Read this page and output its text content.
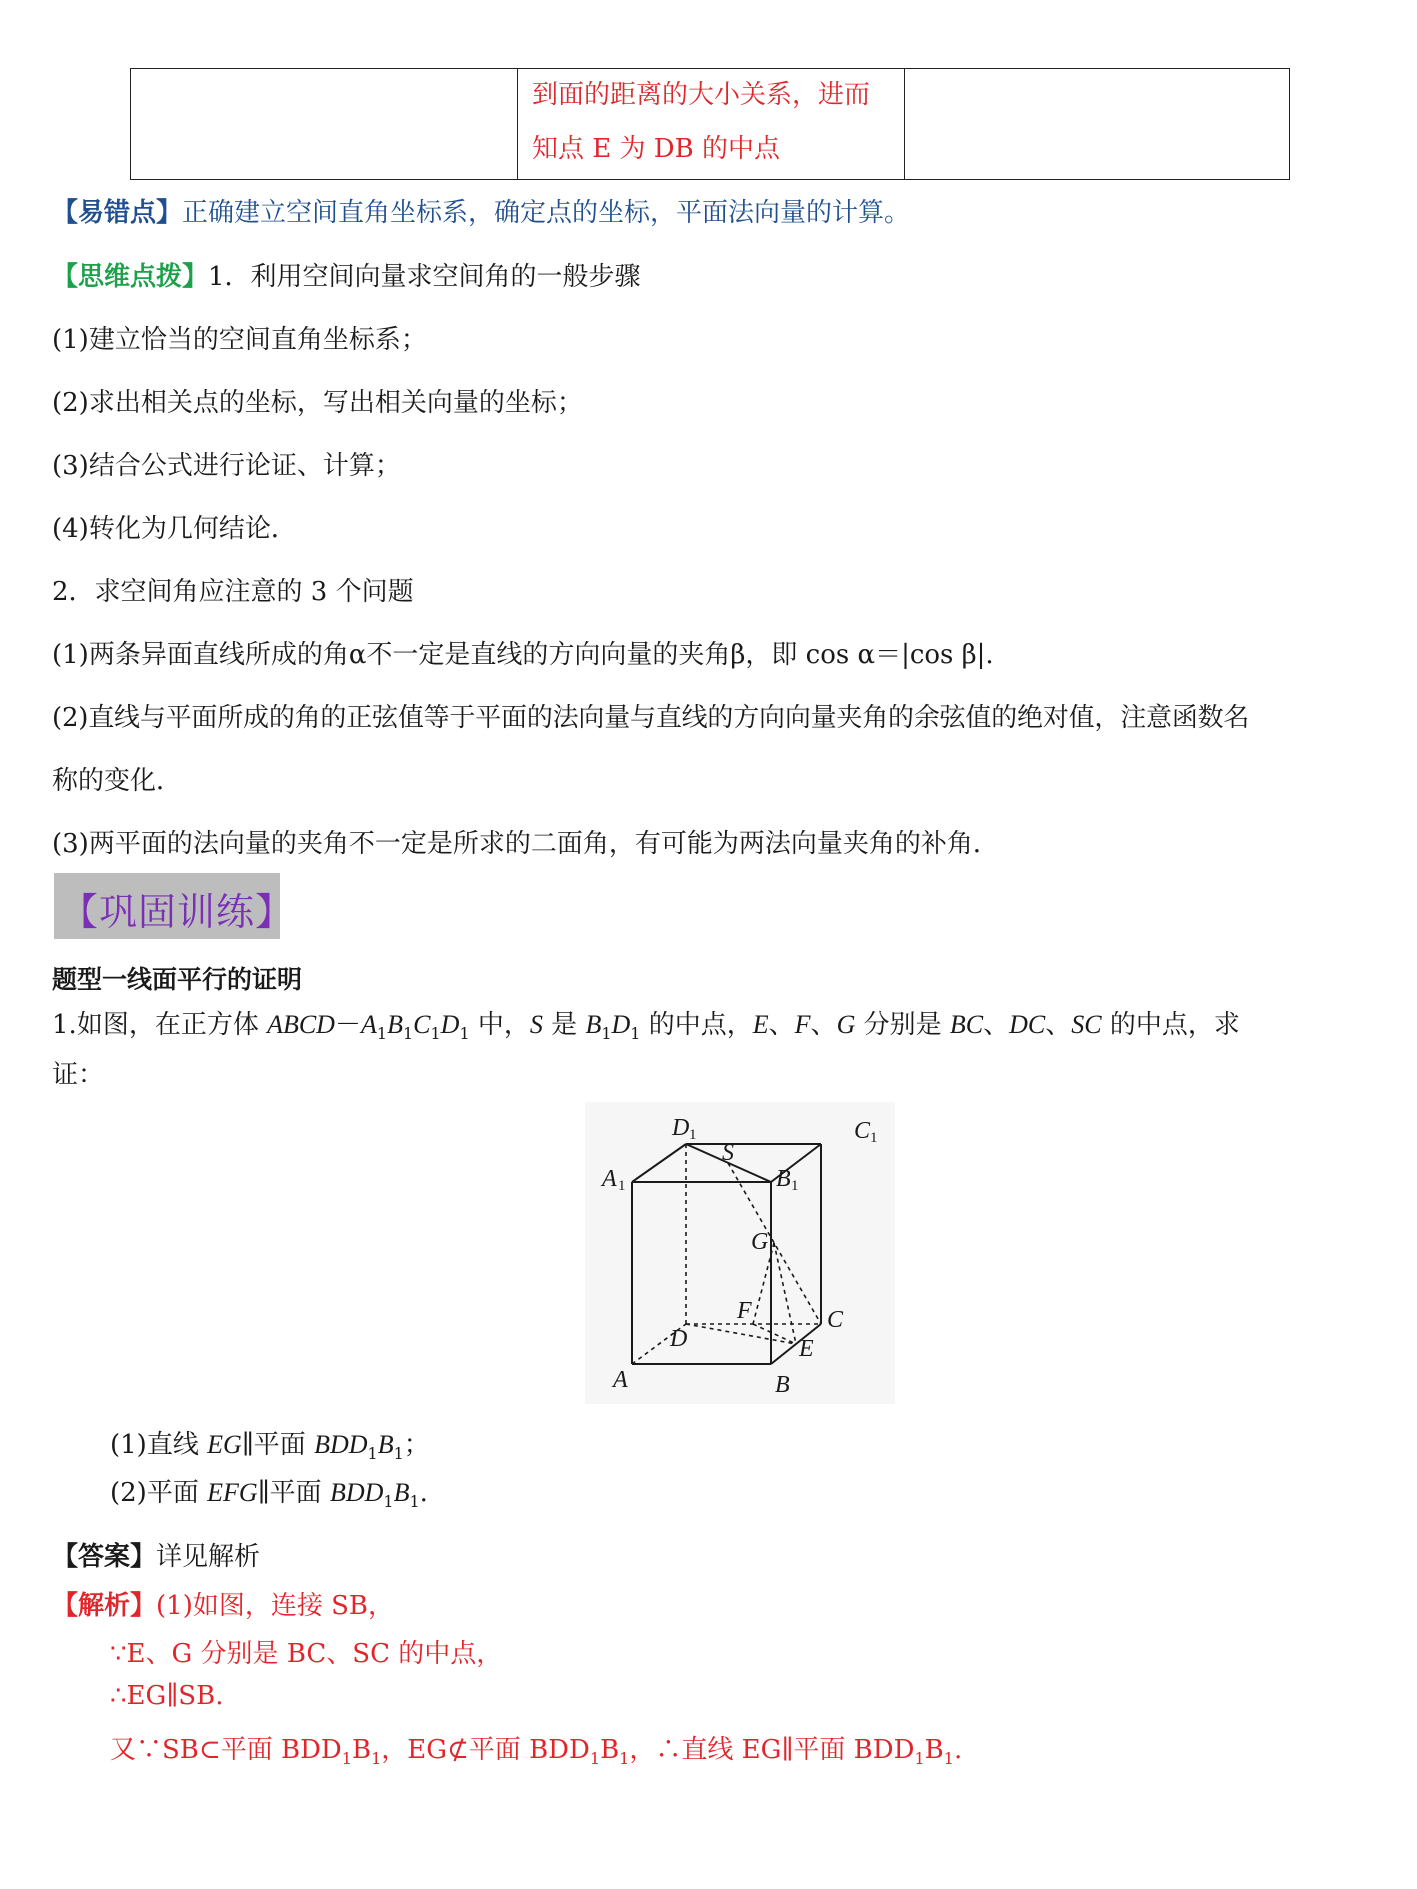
到面的距离的大小关系，进而
知点 E 为 DB 的中点

【易错点】正确建立空间直角坐标系，确定点的坐标，平面法向量的计算。
【思维点拨】1．利用空间向量求空间角的一般步骤
(1)建立恰当的空间直角坐标系；
(2)求出相关点的坐标，写出相关向量的坐标；
(3)结合公式进行论证、计算；
(4)转化为几何结论．
2．求空间角应注意的 3 个问题
(1)两条异面直线所成的角α不一定是直线的方向向量的夹角β，即 cos α＝|cos β|.
(2)直线与平面所成的角的正弦值等于平面的法向量与直线的方向向量夹角的余弦值的绝对值，注意函数名
称的变化．
(3)两平面的法向量的夹角不一定是所求的二面角，有可能为两法向量夹角的补角．
【巩固训练】
题型一线面平行的证明
1.如图，在正方体 $ABCD-A_1B_1C_1D_1$ 中，S 是 $B_1D_1$ 的中点，E、F、G 分别是 BC、DC、SC 的中点，求
证：
D 1	C 1
A 1	B 1
S
G
F	C
D	E
A	B
(1)直线 EG∥平面 $BDD_1B_1$；
(2)平面 EFG∥平面 $BDD_1B_1$.
【答案】详见解析
【解析】(1)如图，连接 SB，
∵E、G 分别是 BC、SC 的中点，
∴EG∥SB.
又∵SB⊂平面 $BDD_1B_1$，EG⊄平面 $BDD_1B_1$，∴直线 EG∥平面 $BDD_1B_1$.
